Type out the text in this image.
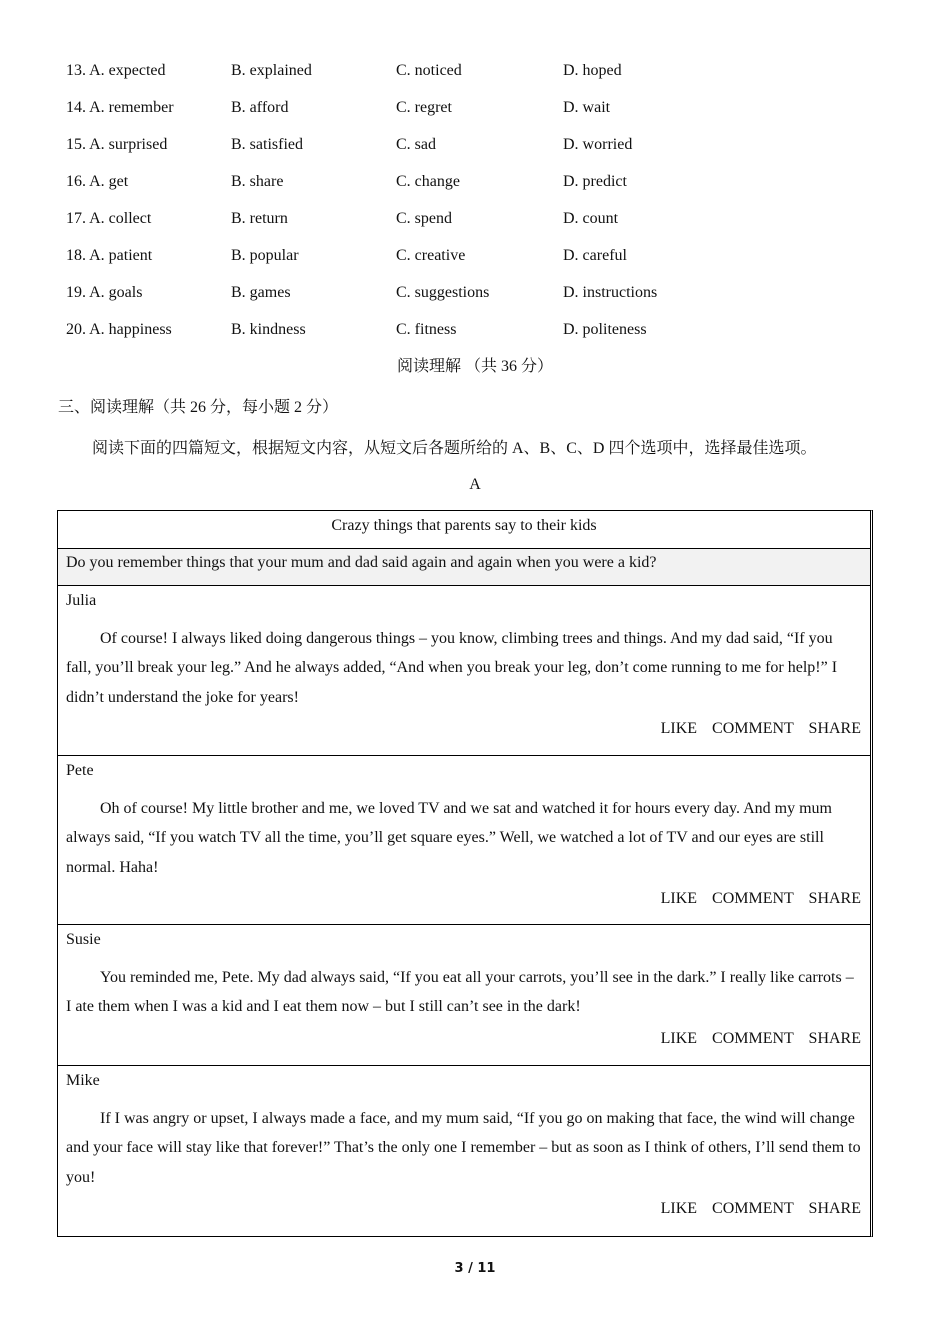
13. A. expected	B. explained	C. noticed	D. hoped
14. A. remember	B. afford	C. regret	D. wait
15. A. surprised	B. satisfied	C. sad	D. worried
16. A. get	B. share	C. change	D. predict
17. A. collect	B. return	C. spend	D. count
18. A. patient	B. popular	C. creative	D. careful
19. A. goals	B. games	C. suggestions	D. instructions
20. A. happiness	B. kindness	C. fitness	D. politeness
阅读理解 （共 36 分）
三、阅读理解（共 26 分，每小题 2 分）
阅读下面的四篇短文，根据短文内容，从短文后各题所给的 A、B、C、D 四个选项中，选择最佳选项。
A
Crazy things that parents say to their kids
Do you remember things that your mum and dad said again and again when you were a kid?
Julia

Of course! I always liked doing dangerous things – you know, climbing trees and things. And my dad said, “If you fall, you’ll break your leg.” And he always added, “And when you break your leg, don’t come running to me for help!” I didn’t understand the joke for years!

LIKE COMMENT SHARE
Pete

Oh of course! My little brother and me, we loved TV and we sat and watched it for hours every day. And my mum always said, “If you watch TV all the time, you’ll get square eyes.” Well, we watched a lot of TV and our eyes are still normal. Haha!

LIKE COMMENT SHARE
Susie

You reminded me, Pete. My dad always said, “If you eat all your carrots, you’ll see in the dark.” I really like carrots – I ate them when I was a kid and I eat them now – but I still can’t see in the dark!

LIKE COMMENT SHARE
Mike

If I was angry or upset, I always made a face, and my mum said, “If you go on making that face, the wind will change and your face will stay like that forever!” That’s the only one I remember – but as soon as I think of others, I’ll send them to you!

LIKE COMMENT SHARE
3 / 11
